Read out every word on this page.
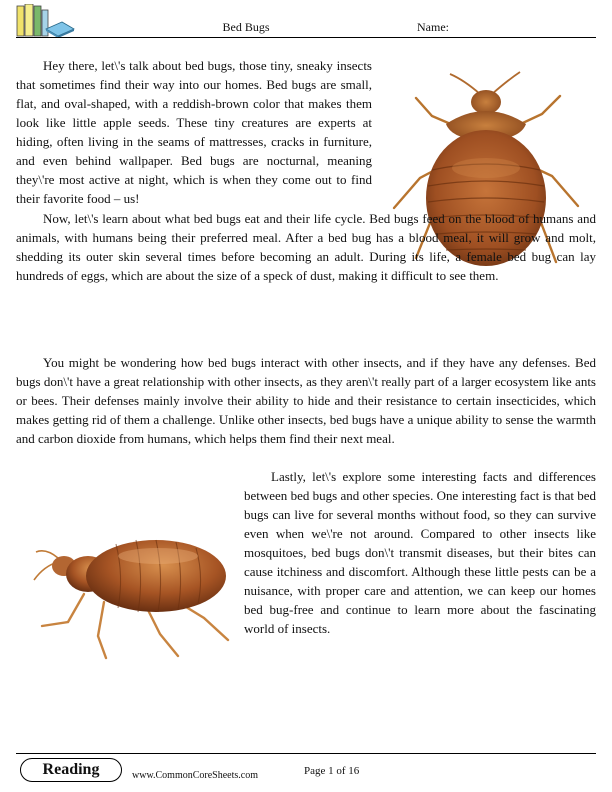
Bed Bugs	Name:

Hey there, let\'s talk about bed bugs, those tiny, sneaky insects that sometimes find their way into our homes. Bed bugs are small, flat, and oval-shaped, with a reddish-brown color that makes them look like little apple seeds. These tiny creatures are experts at hiding, often living in the seams of mattresses, cracks in furniture, and even behind wallpaper. Bed bugs are nocturnal, meaning they\'re most active at night, which is when they come out to find their favorite food – us!

Now, let\'s learn about what bed bugs eat and their life cycle. Bed bugs feed on the blood of humans and animals, with humans being their preferred meal. After a bed bug has a blood meal, it will grow and molt, shedding its outer skin several times before becoming an adult. During its life, a female bed bug can lay hundreds of eggs, which are about the size of a speck of dust, making it difficult to see them.

You might be wondering how bed bugs interact with other insects, and if they have any defenses. Bed bugs don\'t have a great relationship with other insects, as they aren\'t really part of a larger ecosystem like ants or bees. Their defenses mainly involve their ability to hide and their resistance to certain insecticides, which makes getting rid of them a challenge. Unlike other insects, bed bugs have a unique ability to sense the warmth and carbon dioxide from humans, which helps them find their next meal.

Lastly, let\'s explore some interesting facts and differences between bed bugs and other species. One interesting fact is that bed bugs can live for several months without food, so they can survive even when we\'re not around. Compared to other insects like mosquitoes, bed bugs don\'t transmit diseases, but their bites can cause itchiness and discomfort. Although these little pests can be a nuisance, with proper care and attention, we can keep our homes bed bug-free and continue to learn more about the fascinating world of insects.

Reading	www.CommonCoreSheets.com	Page 1 of 16
